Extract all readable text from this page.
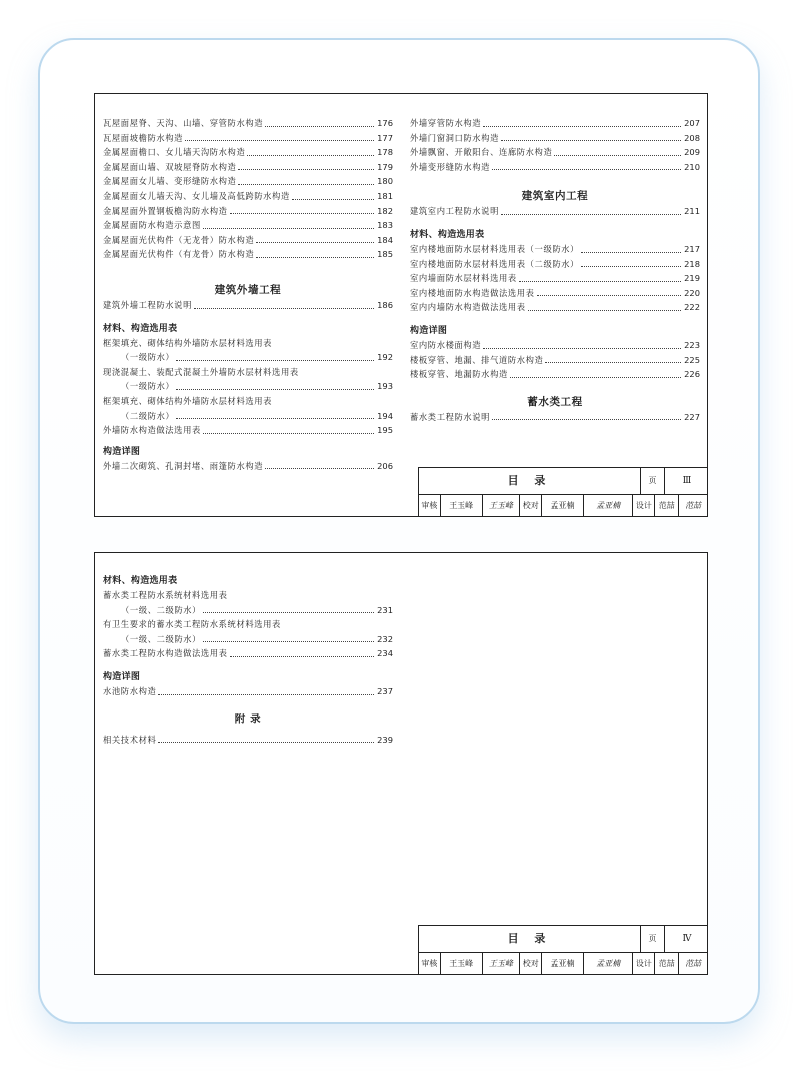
瓦屋面屋脊、天沟、山墙、穿管防水构造	176
瓦屋面坡檐防水构造	177
金属屋面檐口、女儿墙天沟防水构造	178
金属屋面山墙、双坡屋脊防水构造	179
金属屋面女儿墙、变形缝防水构造	180
金属屋面女儿墙天沟、女儿墙及高低跨防水构造	181
金属屋面外置钢板檐沟防水构造	182
金属屋面防水构造示意图	183
金属屋面光伏构件（无龙骨）防水构造	184
金属屋面光伏构件（有龙骨）防水构造	185
建筑外墙工程
建筑外墙工程防水说明	186
材料、构造选用表
框架填充、砌体结构外墙防水层材料选用表
（一级防水）	192
现浇混凝土、装配式混凝土外墙防水层材料选用表
（一级防水）	193
框架填充、砌体结构外墙防水层材料选用表
（二级防水）	194
外墙防水构造做法选用表	195
构造详图
外墙二次砌筑、孔洞封堵、雨篷防水构造	206
外墙穿管防水构造	207
外墙门窗洞口防水构造	208
外墙飘窗、开敞阳台、连廊防水构造	209
外墙变形缝防水构造	210
建筑室内工程
建筑室内工程防水说明	211
材料、构造选用表
室内楼地面防水层材料选用表（一级防水）	217
室内楼地面防水层材料选用表（二级防水）	218
室内墙面防水层材料选用表	219
室内楼地面防水构造做法选用表	220
室内内墙防水构造做法选用表	222
构造详图
室内防水楼面构造	223
楼板穿管、地漏、排气道防水构造	225
楼板穿管、地漏防水构造	226
蓄水类工程
蓄水类工程防水说明	227
目 录	页	Ⅲ
审核	王玉峰	王玉峰	校对	孟亚楠	孟亚楠	设计 范喆	范喆
材料、构造选用表
蓄水类工程防水系统材料选用表
（一级、二级防水）	231
有卫生要求的蓄水类工程防水系统材料选用表
（一级、二级防水）	232
蓄水类工程防水构造做法选用表	234
构造详图
水池防水构造	237
附 录
相关技术材料	239
目 录	页	Ⅳ
审核	王玉峰	王玉峰	校对	孟亚楠	孟亚楠	设计 范喆	范喆
